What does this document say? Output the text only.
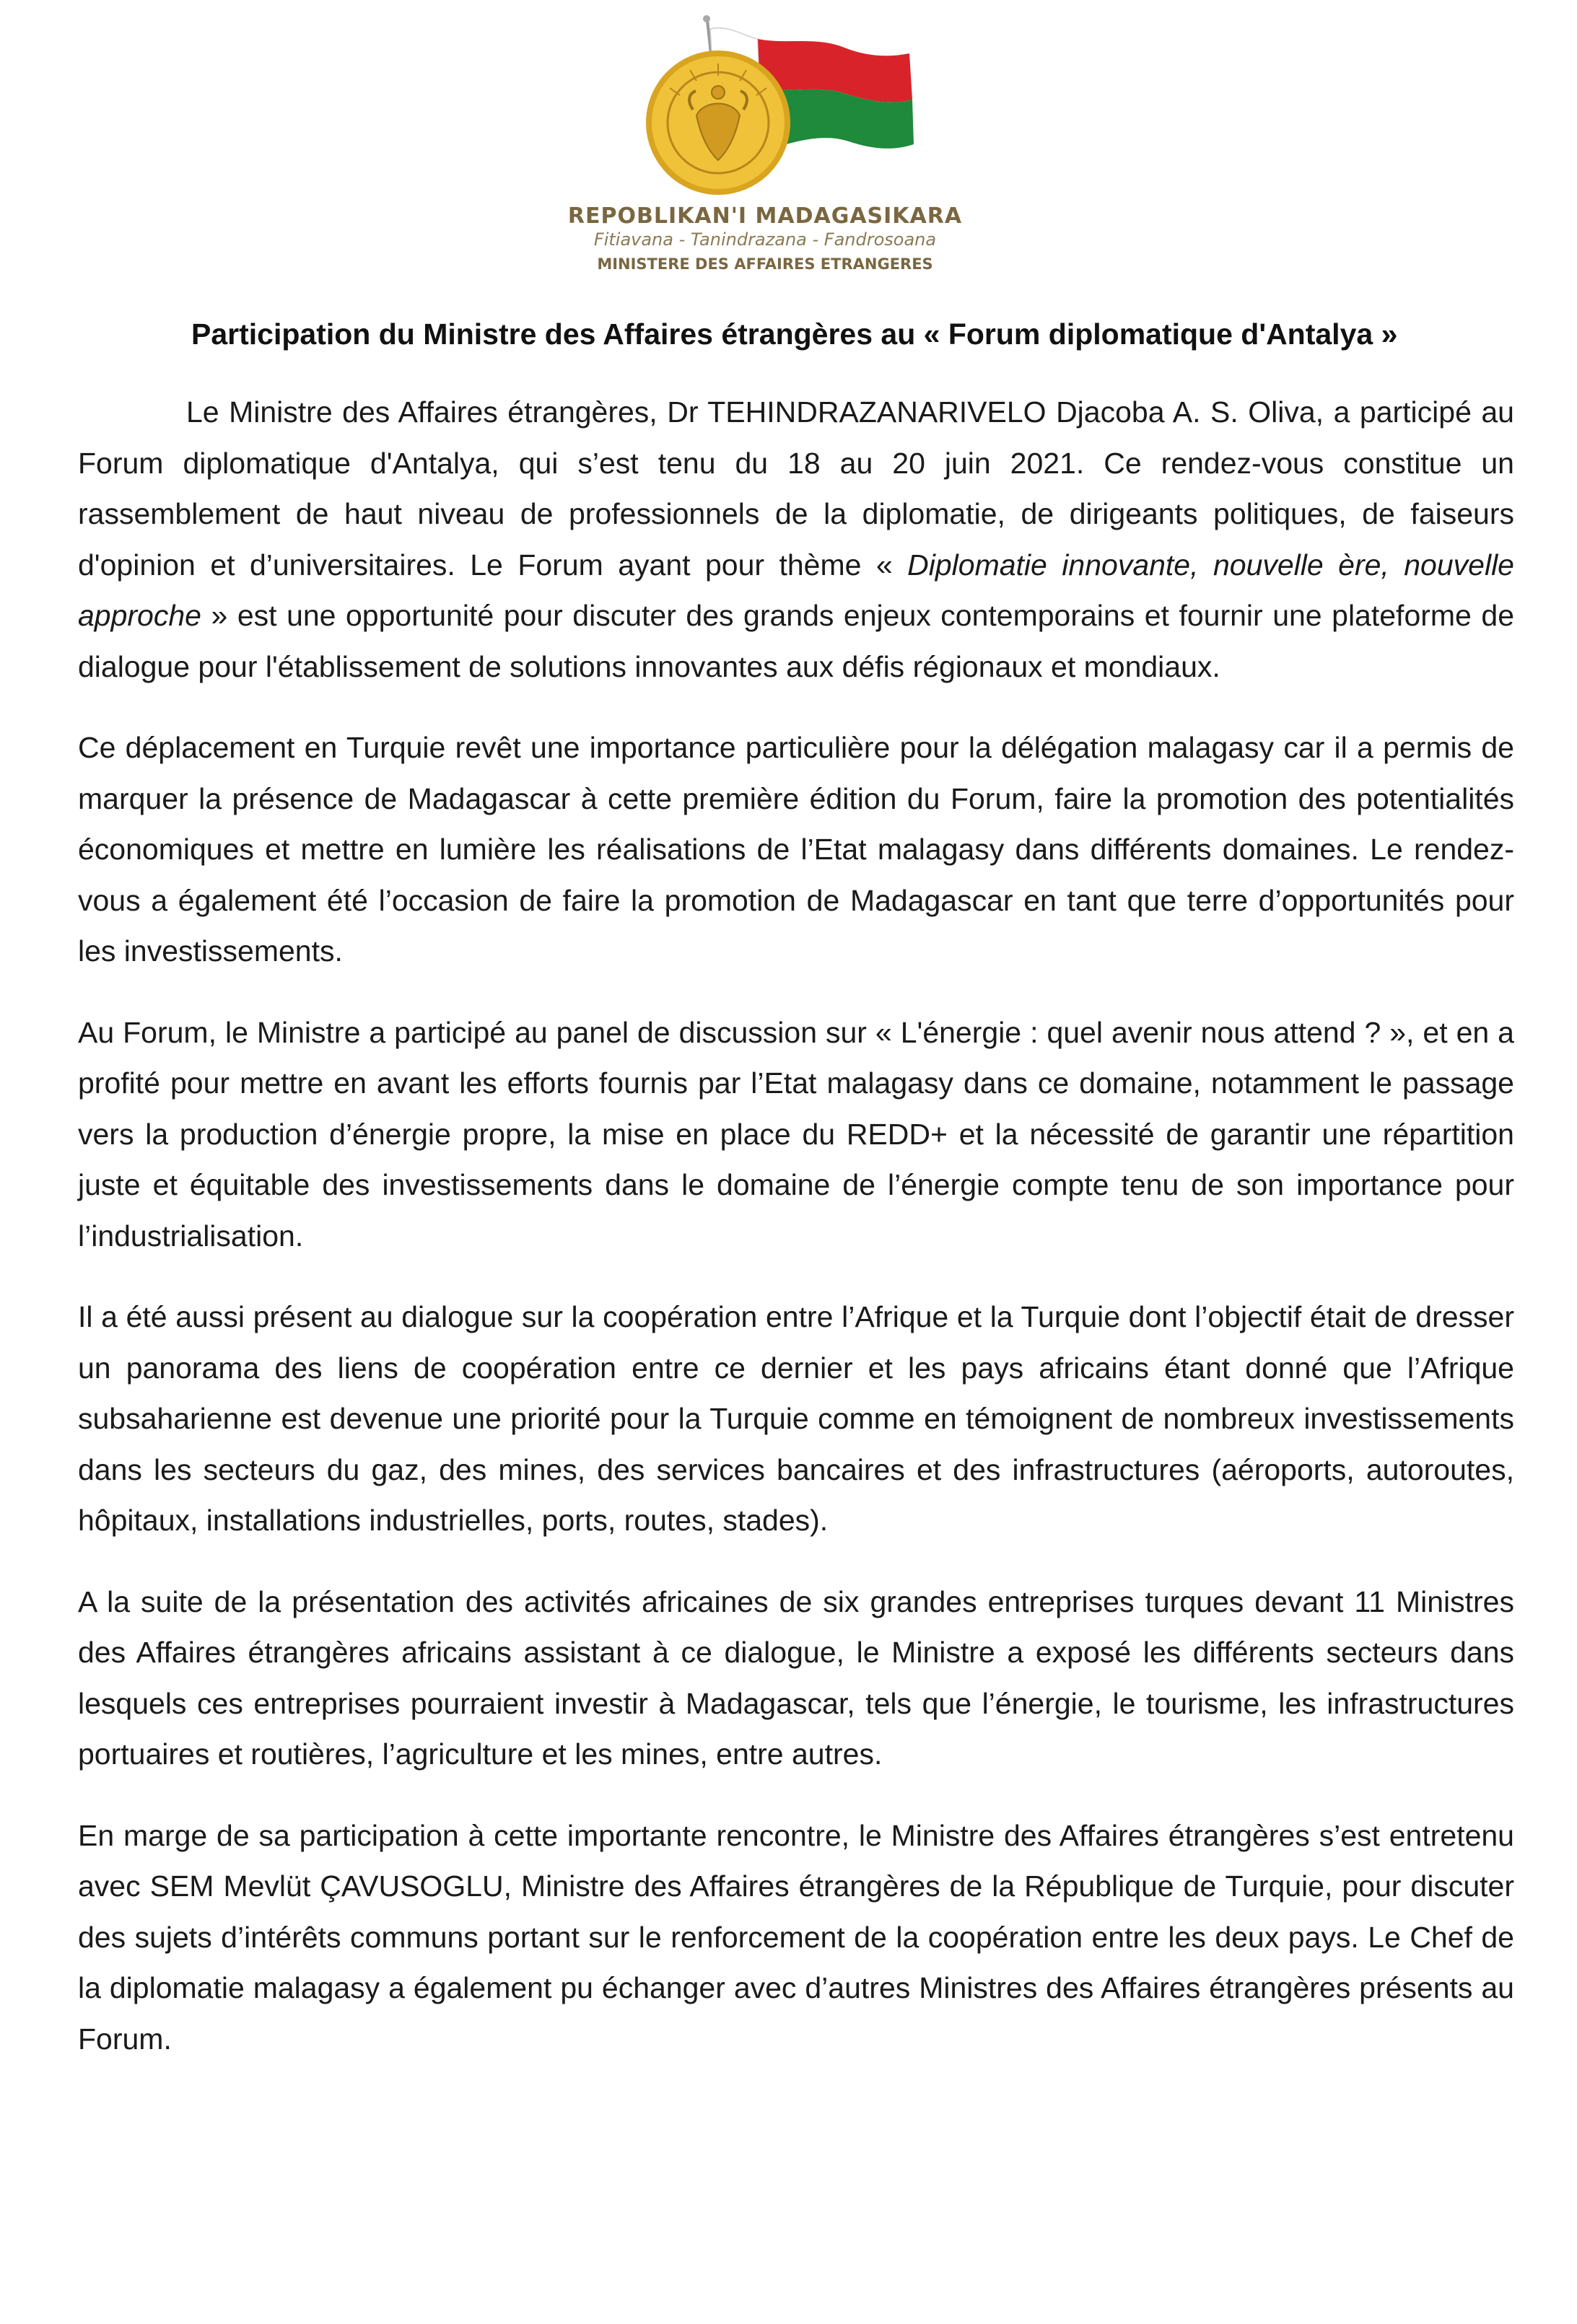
REPOBLIKAN'I MADAGASIKARA
Fitiavana - Tanindrazana - Fandrosoana
MINISTERE DES AFFAIRES ETRANGERES
Participation du Ministre des Affaires étrangères au « Forum diplomatique d'Antalya »

Le Ministre des Affaires étrangères, Dr TEHINDRAZANARIVELO Djacoba A. S. Oliva, a participé au Forum diplomatique d'Antalya, qui s’est tenu du 18 au 20 juin 2021. Ce rendez-vous constitue un rassemblement de haut niveau de professionnels de la diplomatie, de dirigeants politiques, de faiseurs d'opinion et d’universitaires. Le Forum ayant pour thème « Diplomatie innovante, nouvelle ère, nouvelle approche » est une opportunité pour discuter des grands enjeux contemporains et fournir une plateforme de dialogue pour l'établissement de solutions innovantes aux défis régionaux et mondiaux.

Ce déplacement en Turquie revêt une importance particulière pour la délégation malagasy car il a permis de marquer la présence de Madagascar à cette première édition du Forum, faire la promotion des potentialités économiques et mettre en lumière les réalisations de l’Etat malagasy dans différents domaines. Le rendez-vous a également été l’occasion de faire la promotion de Madagascar en tant que terre d’opportunités pour les investissements.

Au Forum, le Ministre a participé au panel de discussion sur « L'énergie : quel avenir nous attend ? », et en a profité pour mettre en avant les efforts fournis par l’Etat malagasy dans ce domaine, notamment le passage vers la production d’énergie propre, la mise en place du REDD+ et la nécessité de garantir une répartition juste et équitable des investissements dans le domaine de l’énergie compte tenu de son importance pour l’industrialisation.

Il a été aussi présent au dialogue sur la coopération entre l’Afrique et la Turquie dont l’objectif était de dresser un panorama des liens de coopération entre ce dernier et les pays africains étant donné que l’Afrique subsaharienne est devenue une priorité pour la Turquie comme en témoignent de nombreux investissements dans les secteurs du gaz, des mines, des services bancaires et des infrastructures (aéroports, autoroutes, hôpitaux, installations industrielles, ports, routes, stades).

A la suite de la présentation des activités africaines de six grandes entreprises turques devant 11 Ministres des Affaires étrangères africains assistant à ce dialogue, le Ministre a exposé les différents secteurs dans lesquels ces entreprises pourraient investir à Madagascar, tels que l’énergie, le tourisme, les infrastructures portuaires et routières, l’agriculture et les mines, entre autres.

En marge de sa participation à cette importante rencontre, le Ministre des Affaires étrangères s’est entretenu avec SEM Mevlüt ÇAVUSOGLU, Ministre des Affaires étrangères de la République de Turquie, pour discuter des sujets d’intérêts communs portant sur le renforcement de la coopération entre les deux pays. Le Chef de la diplomatie malagasy a également pu échanger avec d’autres Ministres des Affaires étrangères présents au Forum.
